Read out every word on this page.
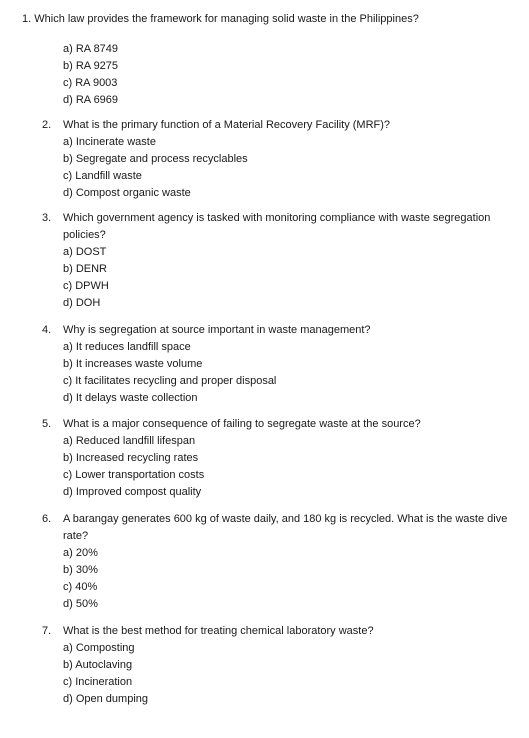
1. Which law provides the framework for managing solid waste in the Philippines?
a) RA 8749
b) RA 9275
c) RA 9003
d) RA 6969
2. What is the primary function of a Material Recovery Facility (MRF)?
a) Incinerate waste
b) Segregate and process recyclables
c) Landfill waste
d) Compost organic waste
3. Which government agency is tasked with monitoring compliance with waste segregation
policies?
a) DOST
b) DENR
c) DPWH
d) DOH
4. Why is segregation at source important in waste management?
a) It reduces landfill space
b) It increases waste volume
c) It facilitates recycling and proper disposal
d) It delays waste collection
5. What is a major consequence of failing to segregate waste at the source?
a) Reduced landfill lifespan
b) Increased recycling rates
c) Lower transportation costs
d) Improved compost quality
6. A barangay generates 600 kg of waste daily, and 180 kg is recycled. What is the waste dive
rate?
a) 20%
b) 30%
c) 40%
d) 50%
7. What is the best method for treating chemical laboratory waste?
a) Composting
b) Autoclaving
c) Incineration
d) Open dumping
